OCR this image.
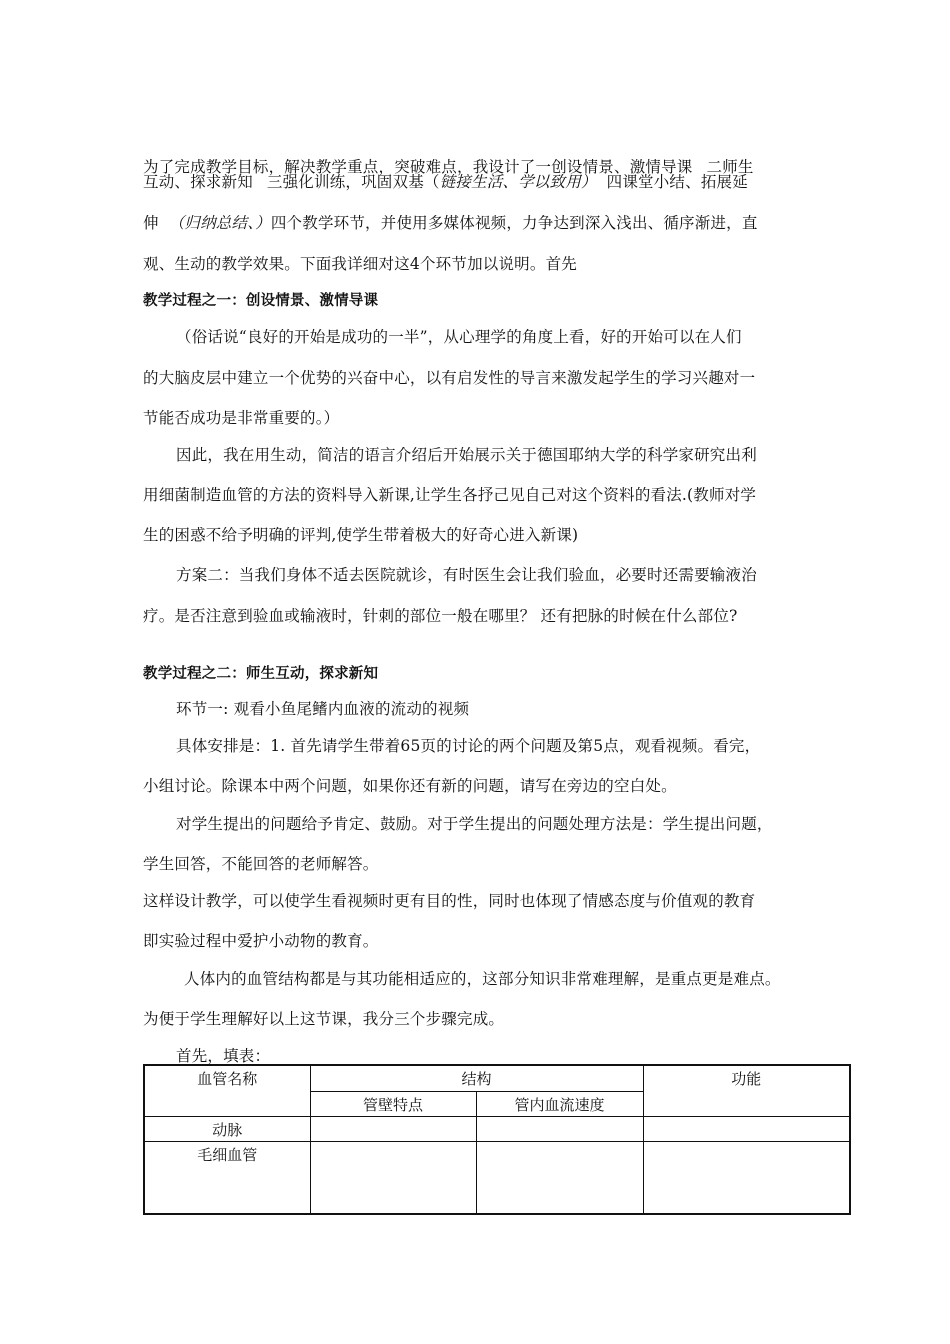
为了完成教学目标，解决教学重点，突破难点，我设计了一创设情景、激情导课 二师生
互动、探求新知 三强化训练，巩固双基（链接生活、学以致用） 四课堂小结、拓展延
伸 （归纳总结、）四个教学环节，并使用多媒体视频，力争达到深入浅出、循序渐进，直
观、生动的教学效果。下面我详细对这4个环节加以说明。首先
教学过程之一：创设情景、激情导课
（俗话说“良好的开始是成功的一半”，从心理学的角度上看，好的开始可以在人们
的大脑皮层中建立一个优势的兴奋中心，以有启发性的导言来激发起学生的学习兴趣对一
节能否成功是非常重要的。）
因此，我在用生动，简洁的语言介绍后开始展示关于德国耶纳大学的科学家研究出利
用细菌制造血管的方法的资料导入新课,让学生各抒己见自己对这个资料的看法.(教师对学
生的困惑不给予明确的评判,使学生带着极大的好奇心进入新课)
方案二：当我们身体不适去医院就诊，有时医生会让我们验血，必要时还需要输液治
疗。是否注意到验血或输液时，针刺的部位一般在哪里？ 还有把脉的时候在什么部位?
教学过程之二：师生互动，探求新知
环节一: 观看小鱼尾鳍内血液的流动的视频
具体安排是：1. 首先请学生带着65页的讨论的两个问题及第5点，观看视频。看完，
小组讨论。除课本中两个问题，如果你还有新的问题，请写在旁边的空白处。
对学生提出的问题给予肯定、鼓励。对于学生提出的问题处理方法是：学生提出问题，
学生回答，不能回答的老师解答。
这样设计教学，可以使学生看视频时更有目的性，同时也体现了情感态度与价值观的教育
即实验过程中爱护小动物的教育。
人体内的血管结构都是与其功能相适应的，这部分知识非常难理解，是重点更是难点。
为便于学生理解好以上这节课，我分三个步骤完成。
首先，填表：
血管名称	结构		功能
	管壁特点	管内血流速度	
动脉			
毛细血管			
